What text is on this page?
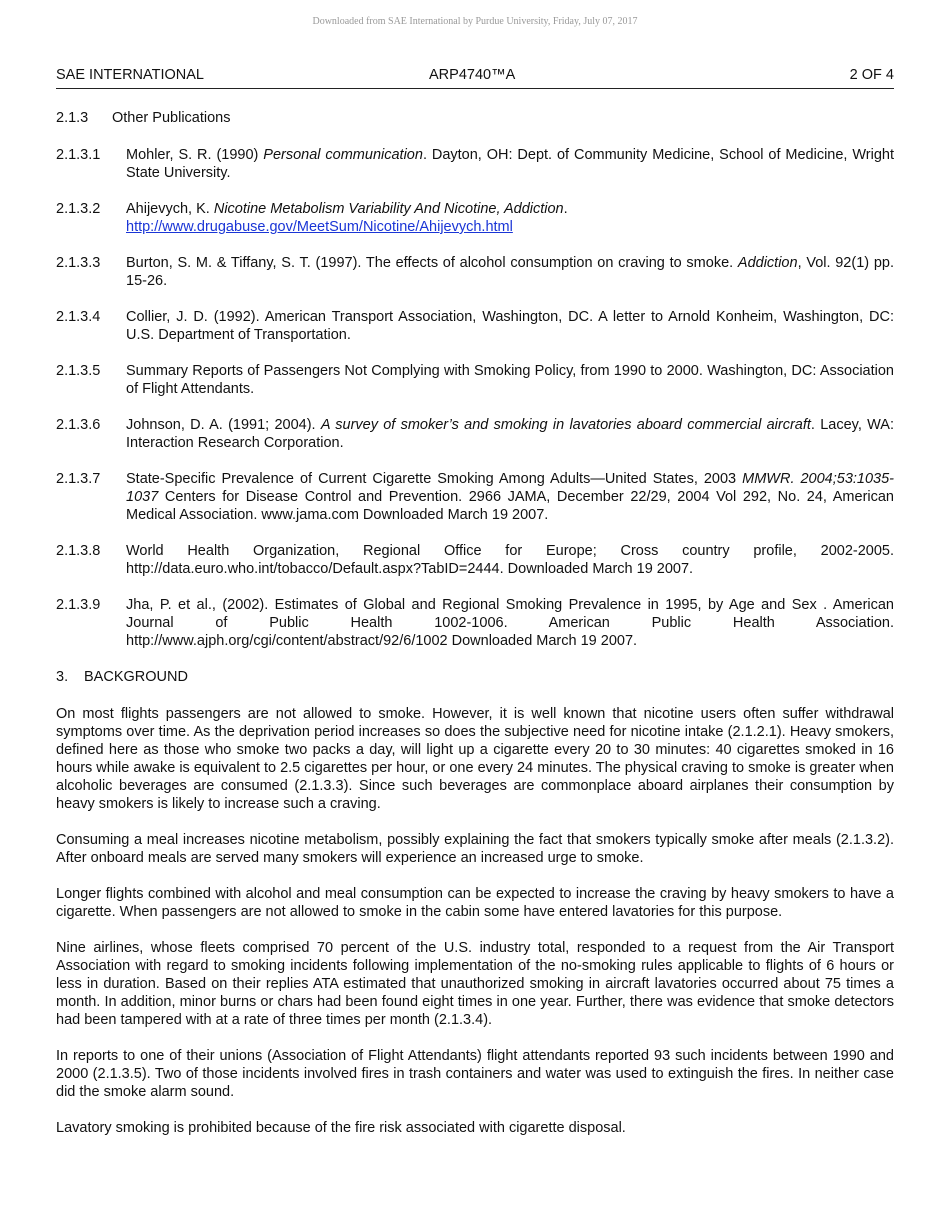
Downloaded from SAE International by Purdue University, Friday, July 07, 2017
SAE INTERNATIONAL	ARP4740™A	2 OF 4
2.1.3 Other Publications
2.1.3.1	Mohler, S. R. (1990) Personal communication. Dayton, OH: Dept. of Community Medicine, School of Medicine, Wright State University.
2.1.3.2	Ahijevych, K. Nicotine Metabolism Variability And Nicotine, Addiction.
http://www.drugabuse.gov/MeetSum/Nicotine/Ahijevych.html
2.1.3.3	Burton, S. M. & Tiffany, S. T. (1997). The effects of alcohol consumption on craving to smoke. Addiction, Vol. 92(1) pp. 15-26.
2.1.3.4	Collier, J. D. (1992). American Transport Association, Washington, DC. A letter to Arnold Konheim, Washington, DC: U.S. Department of Transportation.
2.1.3.5	Summary Reports of Passengers Not Complying with Smoking Policy, from 1990 to 2000. Washington, DC: Association of Flight Attendants.
2.1.3.6	Johnson, D. A. (1991; 2004). A survey of smoker’s and smoking in lavatories aboard commercial aircraft. Lacey, WA: Interaction Research Corporation.
2.1.3.7	State-Specific Prevalence of Current Cigarette Smoking Among Adults—United States, 2003 MMWR. 2004;53:1035-1037 Centers for Disease Control and Prevention. 2966 JAMA, December 22/29, 2004 Vol 292, No. 24, American Medical Association. www.jama.com Downloaded March 19 2007.
2.1.3.8	World Health Organization, Regional Office for Europe; Cross country profile, 2002-2005. http://data.euro.who.int/tobacco/Default.aspx?TabID=2444. Downloaded March 19 2007.
2.1.3.9	Jha, P. et al., (2002). Estimates of Global and Regional Smoking Prevalence in 1995, by Age and Sex . American Journal of Public Health 1002-1006. American Public Health Association. http://www.ajph.org/cgi/content/abstract/92/6/1002 Downloaded March 19 2007.
3. BACKGROUND

On most flights passengers are not allowed to smoke. However, it is well known that nicotine users often suffer withdrawal symptoms over time. As the deprivation period increases so does the subjective need for nicotine intake (2.1.2.1). Heavy smokers, defined here as those who smoke two packs a day, will light up a cigarette every 20 to 30 minutes: 40 cigarettes smoked in 16 hours while awake is equivalent to 2.5 cigarettes per hour, or one every 24 minutes. The physical craving to smoke is greater when alcoholic beverages are consumed (2.1.3.3). Since such beverages are commonplace aboard airplanes their consumption by heavy smokers is likely to increase such a craving.

Consuming a meal increases nicotine metabolism, possibly explaining the fact that smokers typically smoke after meals (2.1.3.2). After onboard meals are served many smokers will experience an increased urge to smoke.

Longer flights combined with alcohol and meal consumption can be expected to increase the craving by heavy smokers to have a cigarette. When passengers are not allowed to smoke in the cabin some have entered lavatories for this purpose.

Nine airlines, whose fleets comprised 70 percent of the U.S. industry total, responded to a request from the Air Transport Association with regard to smoking incidents following implementation of the no-smoking rules applicable to flights of 6 hours or less in duration. Based on their replies ATA estimated that unauthorized smoking in aircraft lavatories occurred about 75 times a month. In addition, minor burns or chars had been found eight times in one year. Further, there was evidence that smoke detectors had been tampered with at a rate of three times per month (2.1.3.4).

In reports to one of their unions (Association of Flight Attendants) flight attendants reported 93 such incidents between 1990 and 2000 (2.1.3.5). Two of those incidents involved fires in trash containers and water was used to extinguish the fires. In neither case did the smoke alarm sound.

Lavatory smoking is prohibited because of the fire risk associated with cigarette disposal.
